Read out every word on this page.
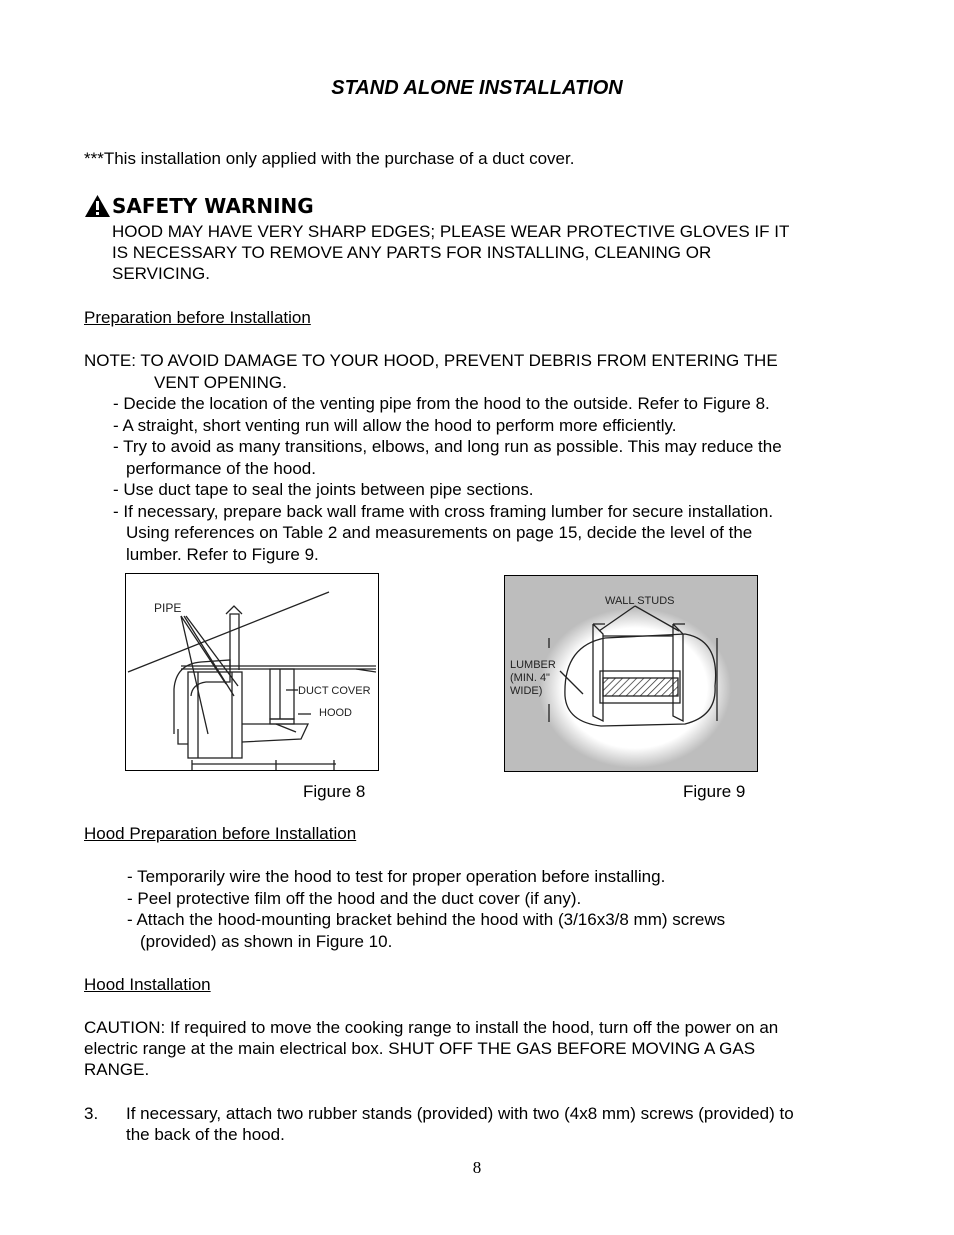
STAND ALONE INSTALLATION
***This installation only applied with the purchase of a duct cover.
SAFETY WARNING
HOOD MAY HAVE VERY SHARP EDGES; PLEASE WEAR PROTECTIVE GLOVES IF IT
IS NECESSARY TO REMOVE ANY PARTS FOR INSTALLING, CLEANING OR
SERVICING.
Preparation before Installation
NOTE: TO AVOID DAMAGE TO YOUR HOOD, PREVENT DEBRIS FROM ENTERING THE
VENT OPENING.
- Decide the location of the venting pipe from the hood to the outside. Refer to Figure 8.
- A straight, short venting run will allow the hood to perform more efficiently.
- Try to avoid as many transitions, elbows, and long run as possible. This may reduce the
performance of the hood.
- Use duct tape to seal the joints between pipe sections.
- If necessary, prepare back wall frame with cross framing lumber for secure installation.
Using references on Table 2 and measurements on page 15, decide the level of the
lumber. Refer to Figure 9.
PIPE
DUCT COVER
HOOD
Figure 8
WALL STUDS
LUMBER
(MIN. 4"
WIDE)
Figure 9
Hood Preparation before Installation
- Temporarily wire the hood to test for proper operation before installing.
- Peel protective film off the hood and the duct cover (if any).
- Attach the hood-mounting bracket behind the hood with (3/16x3/8 mm) screws
(provided) as shown in Figure 10.
Hood Installation
CAUTION: If required to move the cooking range to install the hood, turn off the power on an
electric range at the main electrical box. SHUT OFF THE GAS BEFORE MOVING A GAS
RANGE.
3. If necessary, attach two rubber stands (provided) with two (4x8 mm) screws (provided) to
the back of the hood.
8
